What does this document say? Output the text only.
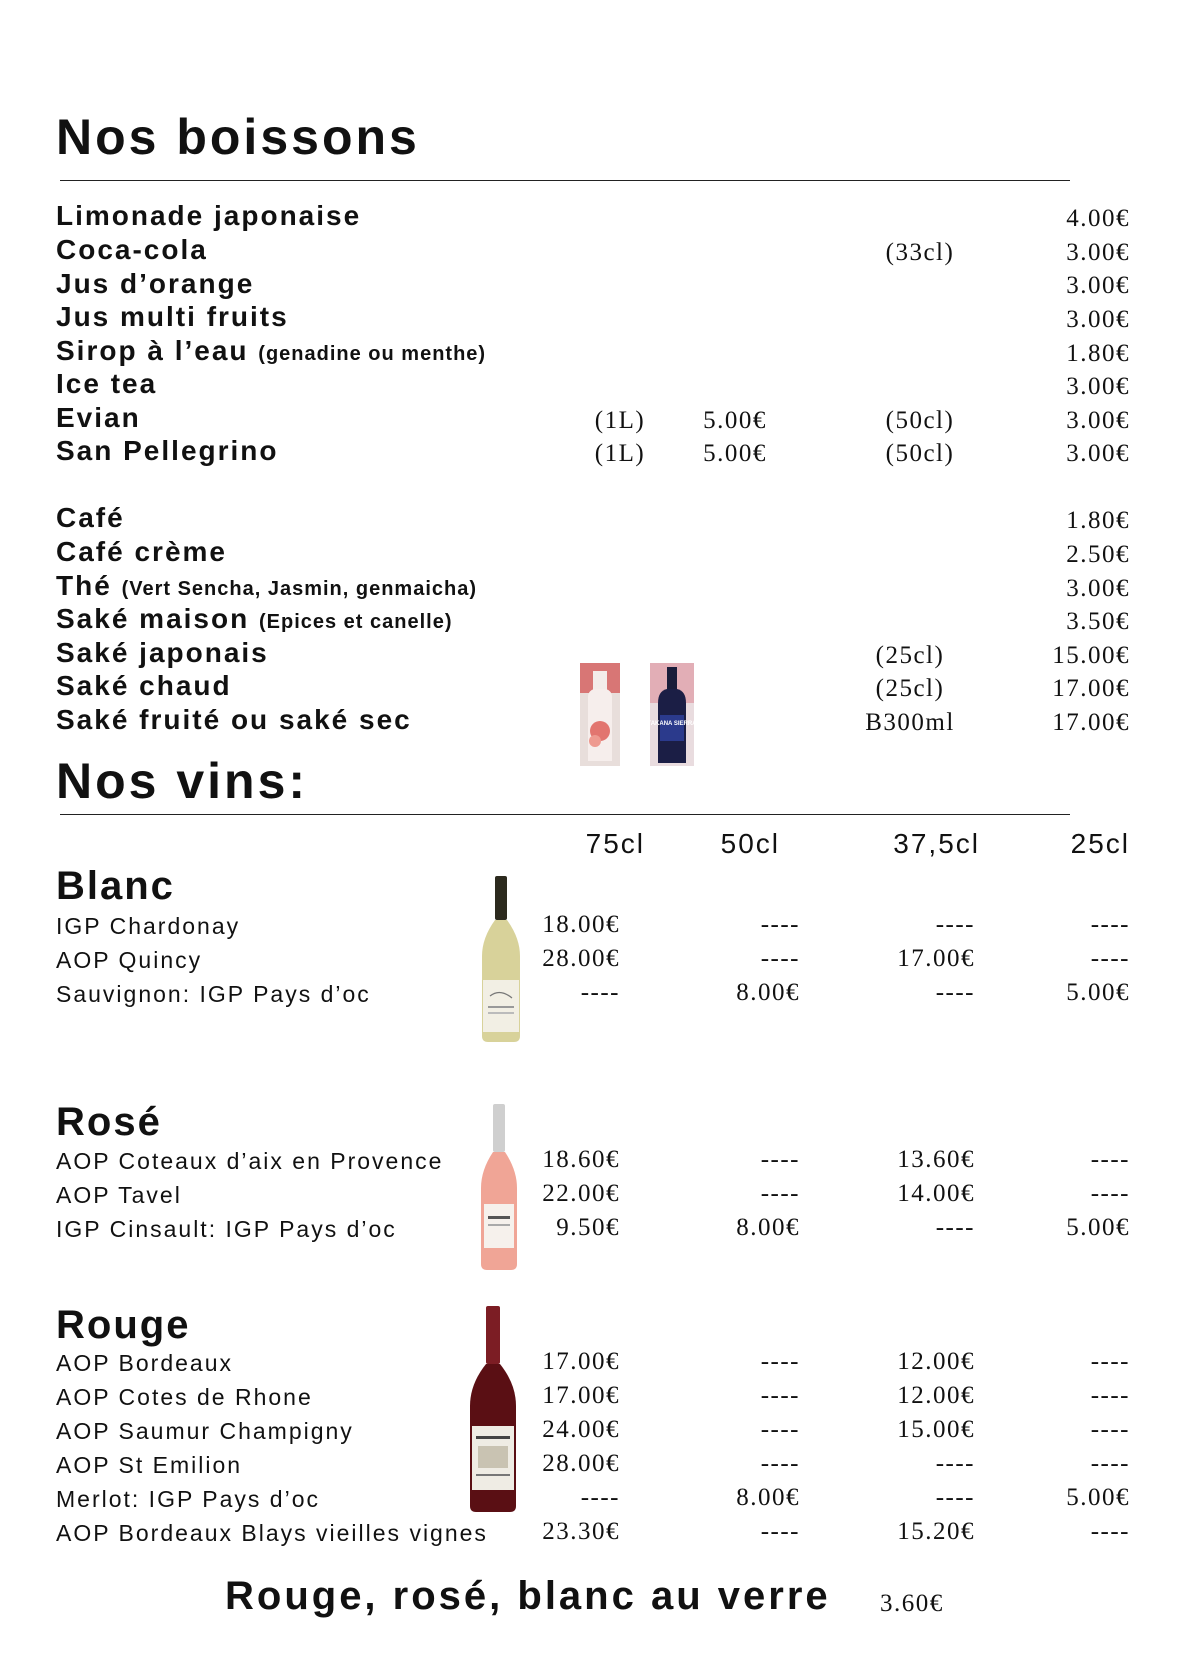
Nos boissons
Limonade japonaise	4.00€
Coca-cola	(33cl)	3.00€
Jus d’orange	3.00€
Jus multi fruits	3.00€
Sirop à l’eau (genadine ou menthe)	1.80€
Ice tea	3.00€
Evian	(1L)	5.00€	(50cl)	3.00€
San Pellegrino	(1L)	5.00€	(50cl)	3.00€
Café	1.80€
Café crème	2.50€
Thé (Vert Sencha, Jasmin, genmaicha)	3.00€
Saké maison (Epices et canelle)	3.50€
Saké japonais	(25cl)	15.00€
Saké chaud	(25cl)	17.00€
Saké fruité ou saké sec	B300ml	17.00€
TAKANA SIERRA
Nos vins:
75cl	50cl	37,5cl	25cl
Blanc
IGP Chardonay	18.00€	----	----	----
AOP Quincy	28.00€	----	17.00€	----
Sauvignon: IGP Pays d’oc	----	8.00€	----	5.00€
Rosé
AOP Coteaux d’aix en Provence	18.60€	----	13.60€	----
AOP Tavel	22.00€	----	14.00€	----
IGP Cinsault: IGP Pays d’oc	9.50€	8.00€	----	5.00€
Rouge
AOP Bordeaux	17.00€	----	12.00€	----
AOP Cotes de Rhone	17.00€	----	12.00€	----
AOP Saumur Champigny	24.00€	----	15.00€	----
AOP St Emilion	28.00€	----	----	----
Merlot: IGP Pays d’oc	----	8.00€	----	5.00€
AOP Bordeaux Blays vieilles vignes	23.30€	----	15.20€	----
Rouge, rosé, blanc au verre 3.60€
